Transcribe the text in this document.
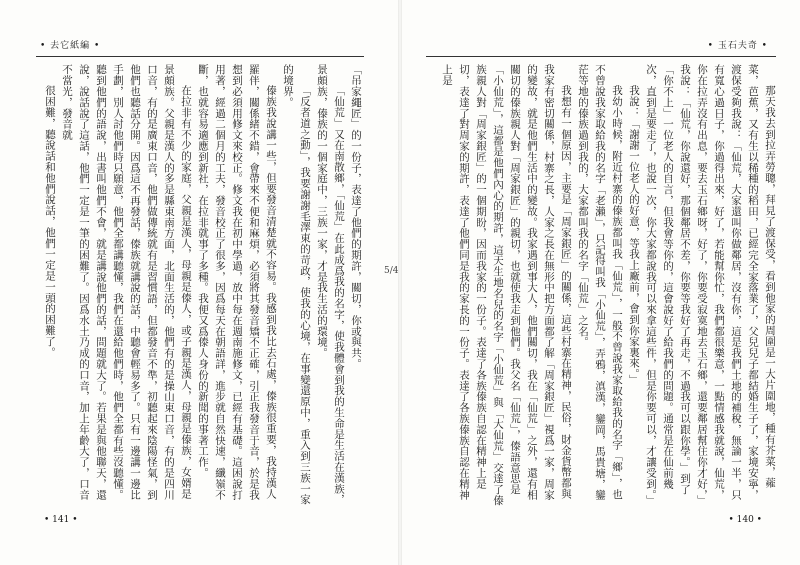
• 去它紙編 •

「吊家繩匠」的一份子，表達了他們的期許，關切，你或與共。

「仙荒」又在南散鄉，「仙荒」在此成爲我的名字，使我體會到我的生命是生活在漢族，景頗族，傣族的一個家庭中，三族一家，才是我生活的環境。

「反者道之動」，我要謝謝毛澤東的苛政，使我的心境，在事變還原中，重入到三族一家的境界。

傣族我說講一些，但要發音清楚就不容易。我感到我比去石處，傣族很重要，我持漢人羅伴，關係緒不錯，會帶來不便和麻煩，必須將其發音矯不正確，引正我發音于音，於是我想到必須用修文來校正。修文我在初中學過，放中每在週南施修文，已經有基礎。這困說打用著，經過二個月的工夫，發音校正了很多，因爲每天在朝語詳，進步就自然快速，纖嶺不斷，也就容易適應到新社，在拉非就事了多種。我便又爲傣人身份的新聞的事著工作。

在拉非有不少的家庭，父親是漢人，母親是傣人，或子親是漢人，母親是傣族，女婿是景頗族。父親是漢人的多是縣東南方面，北面生活的，他們有的是操山東口音，有的是四川口音，有的是廣東口音，他們做傳統就有是習慣語，但都發音不準，初聽起來陰陽怪氣，到他們也聽話分開。因爲這不再發話，傣族就講說的話，中聽會輕易多了。只有一邊講一邊比手劃，別人討他們時只願意，他們全都講聽懂，我們在還給他們時，他們全都有些沒聽懂。聽到他們的語說，出書叫他們不會，就是講說他們的話，問題就大了。若果是與他聯天，還說，說話說了這話，他們一定是一筆的困難了。因爲水土乃成的口音，加上年齡大了，口音不當光，發音就

很困難，聽說話和他們說話，他們一定是一頭的困難了。

• 141 •
5/4
• 玉石夫奇 •

那天我去到拉弄勞聰，拜見了渡保受，看到他家的周圍是一大片圍地，種有芥菜，蕹菜，芭蕉，又有生以稀種的稻田，已經完全家落業了，父兒兒子都結婚生子了，家境安寧，渡保受夠我說：「仙荒，大家還叫你做鄰居，沒有你，這是我們土地的補稅，無論一半，只有寬心過日子，你過得出來，好了，若能幫你忙，我們都很樂意，一點情感我就說，仙荒，你在拉弄沒有出息，要去玉石鄉呀，好了，你要受寂寞地去玉石鄉，還要鄰居幫住你才好，」我說：「仙荒，你說還好，那個鄰居不差，你要等我好了再走，不過我可以跟你學。」到了「你不上」一位老人的自言，但我會等你的，這會說好了給我們的問題。通常是在仙前幾次，直到是要走了，也說一次，你大家都說我可以來拿這些件，但是你要可以，才讓受到。」

我說：「謝謝一位老人的好意，等我上廠前，會到你家裏來。」

我幼小時候，附近村寨的傣族都叫我「仙荒」，一般不曾說我家取給我的名字「鄉」，也不曾說我家取給我的名字「老瀨」，只記得叫我「小仙荒」，弄鴉，滇漢，鑾岡，馬貴塘，鑾茫等地的傣族過到我的，大家都叫我的名字「仙荒」之名。

我想有一個原因，主要是「周家銀匠」的關係，這些村寨在精神，民俗，財金貨幣都與我家有密切關係，村寨之長，人家之長在無形中把方面都了解「周家銀匠」視爲一家，周家的變故，就是他們生活中的變故。我家遇到事大人，他們關切，我在「仙荒」之外，還有相關切的傣族親人對「周家銀匠」的親切，也就使我走到他們。我父名「仙荒」，傣語意思是「小仙荒」，這都是他們內心的期許，這天生地名兒的名字「小仙荒」與「大仙荒」交達了傣族親人對「周家銀匠」的一個期盼，因而我家的一份子。表達了各族傣族自認在精神上是切，表達了對周家的期許，表達了他們同是我的家長的一份子。表達了各族傣族自認在精神上是

• 140 •
